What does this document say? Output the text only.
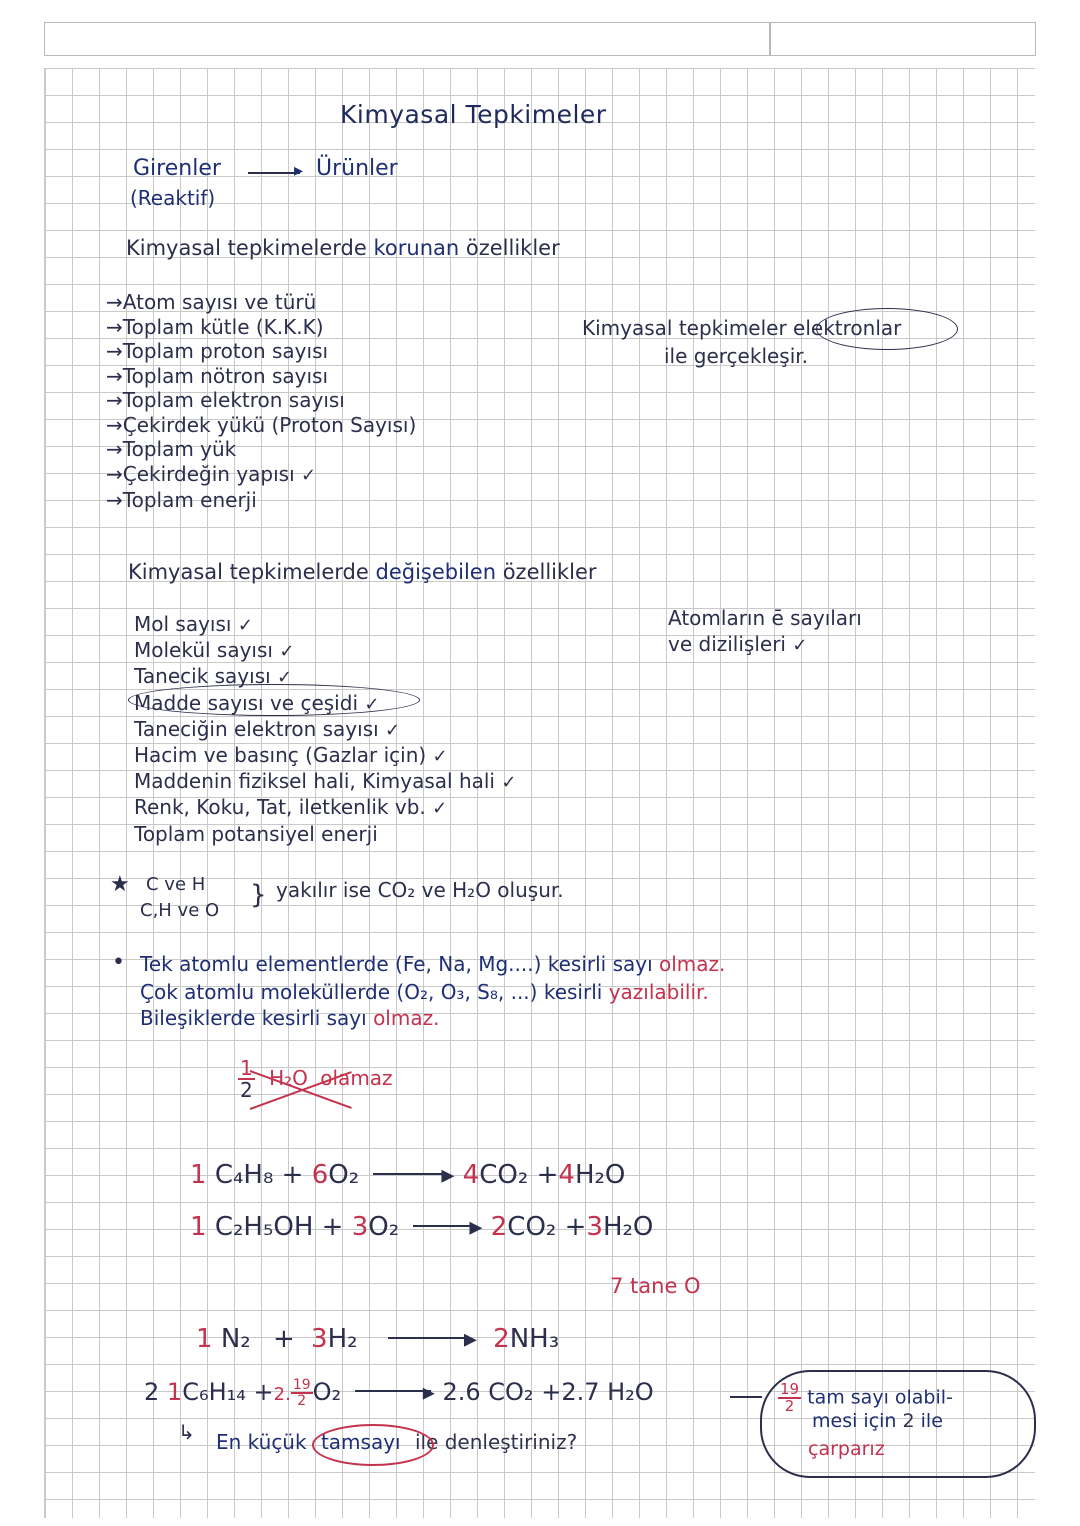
Kimyasal Tepkimeler
Girenler	▸ Ürünler
(Reaktif)
Kimyasal tepkimelerde korunan özellikler
→Atom sayısı ve türü
→Toplam kütle (K.K.K)
→Toplam proton sayısı
→Toplam nötron sayısı
→Toplam elektron sayısı
→Çekirdek yükü (Proton Sayısı)
→Toplam yük
→Çekirdeğin yapısı ✓
→Toplam enerji
Kimyasal tepkimeler elektronlar
ile gerçekleşir.
Kimyasal tepkimelerde değişebilen özellikler
Mol sayısı ✓
Molekül sayısı ✓
Tanecik sayısı ✓
Madde sayısı ve çeşidi ✓
Taneciğin elektron sayısı ✓
Hacim ve basınç (Gazlar için) ✓
Maddenin fiziksel hali, Kimyasal hali ✓
Renk, Koku, Tat, iletkenlik vb. ✓
Toplam potansiyel enerji
Atomların ē sayıları
ve dizilişleri ✓
★ C ve H
C,H ve O
} yakılır ise CO₂ ve H₂O oluşur.
• Tek atomlu elementlerde (Fe, Na, Mg....) kesirli sayı olmaz.
Çok atomlu moleküllerde (O₂, O₃, S₈, ...) kesirli yazılabilir.
Bileşiklerde kesirli sayı olmaz.
$\frac{1}{2} H_2O$ olamaz
1 C₄H₈ + 6O₂	▸ 4CO₂ +4H₂O
1 C₂H₅OH + 3O₂	▸ 2CO₂ +3H₂O
7 tane O
1 N₂ + 3H₂	▸ 2NH₃
2 1C₆H₁₄ +2. $\frac{19}{2} O_2$	▸ 2.6 CO₂ +2.7 H₂O
↳ En küçük tamsayı ile denleştiriniz?
$\frac{19}{2}$ tam sayı olabil-
mesi için 2 ile
çarparız
